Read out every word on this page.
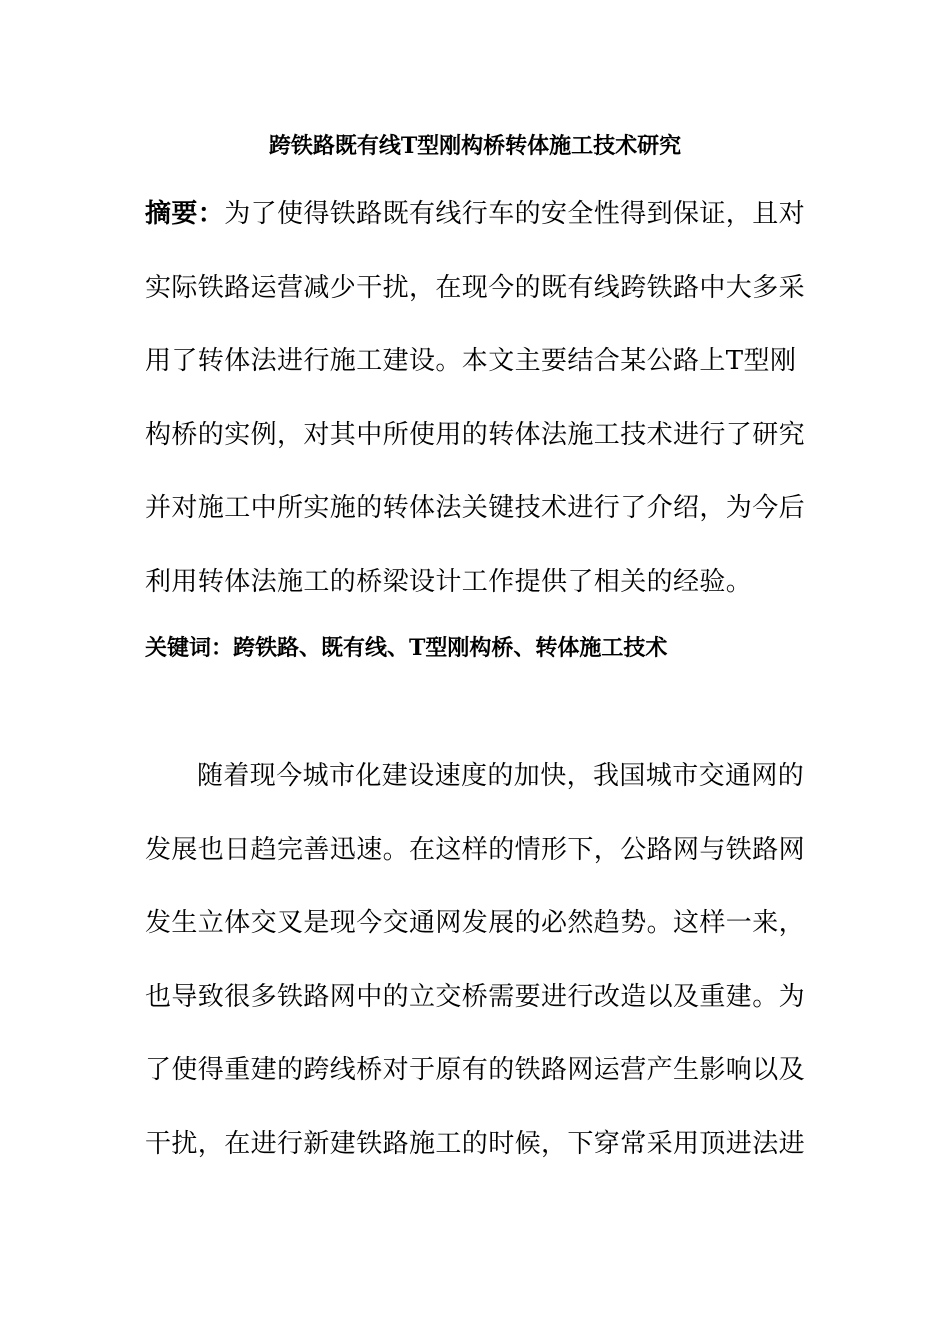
跨铁路既有线T型刚构桥转体施工技术研究
摘要：为了使得铁路既有线行车的安全性得到保证，且对
实际铁路运营减少干扰，在现今的既有线跨铁路中大多采
用了转体法进行施工建设。本文主要结合某公路上T型刚
构桥的实例，对其中所使用的转体法施工技术进行了研究
并对施工中所实施的转体法关键技术进行了介绍，为今后
利用转体法施工的桥梁设计工作提供了相关的经验。
关键词：跨铁路、既有线、T型刚构桥、转体施工技术
随着现今城市化建设速度的加快，我国城市交通网的
发展也日趋完善迅速。在这样的情形下，公路网与铁路网
发生立体交叉是现今交通网发展的必然趋势。这样一来，
也导致很多铁路网中的立交桥需要进行改造以及重建。为
了使得重建的跨线桥对于原有的铁路网运营产生影响以及
干扰，在进行新建铁路施工的时候，下穿常采用顶进法进
